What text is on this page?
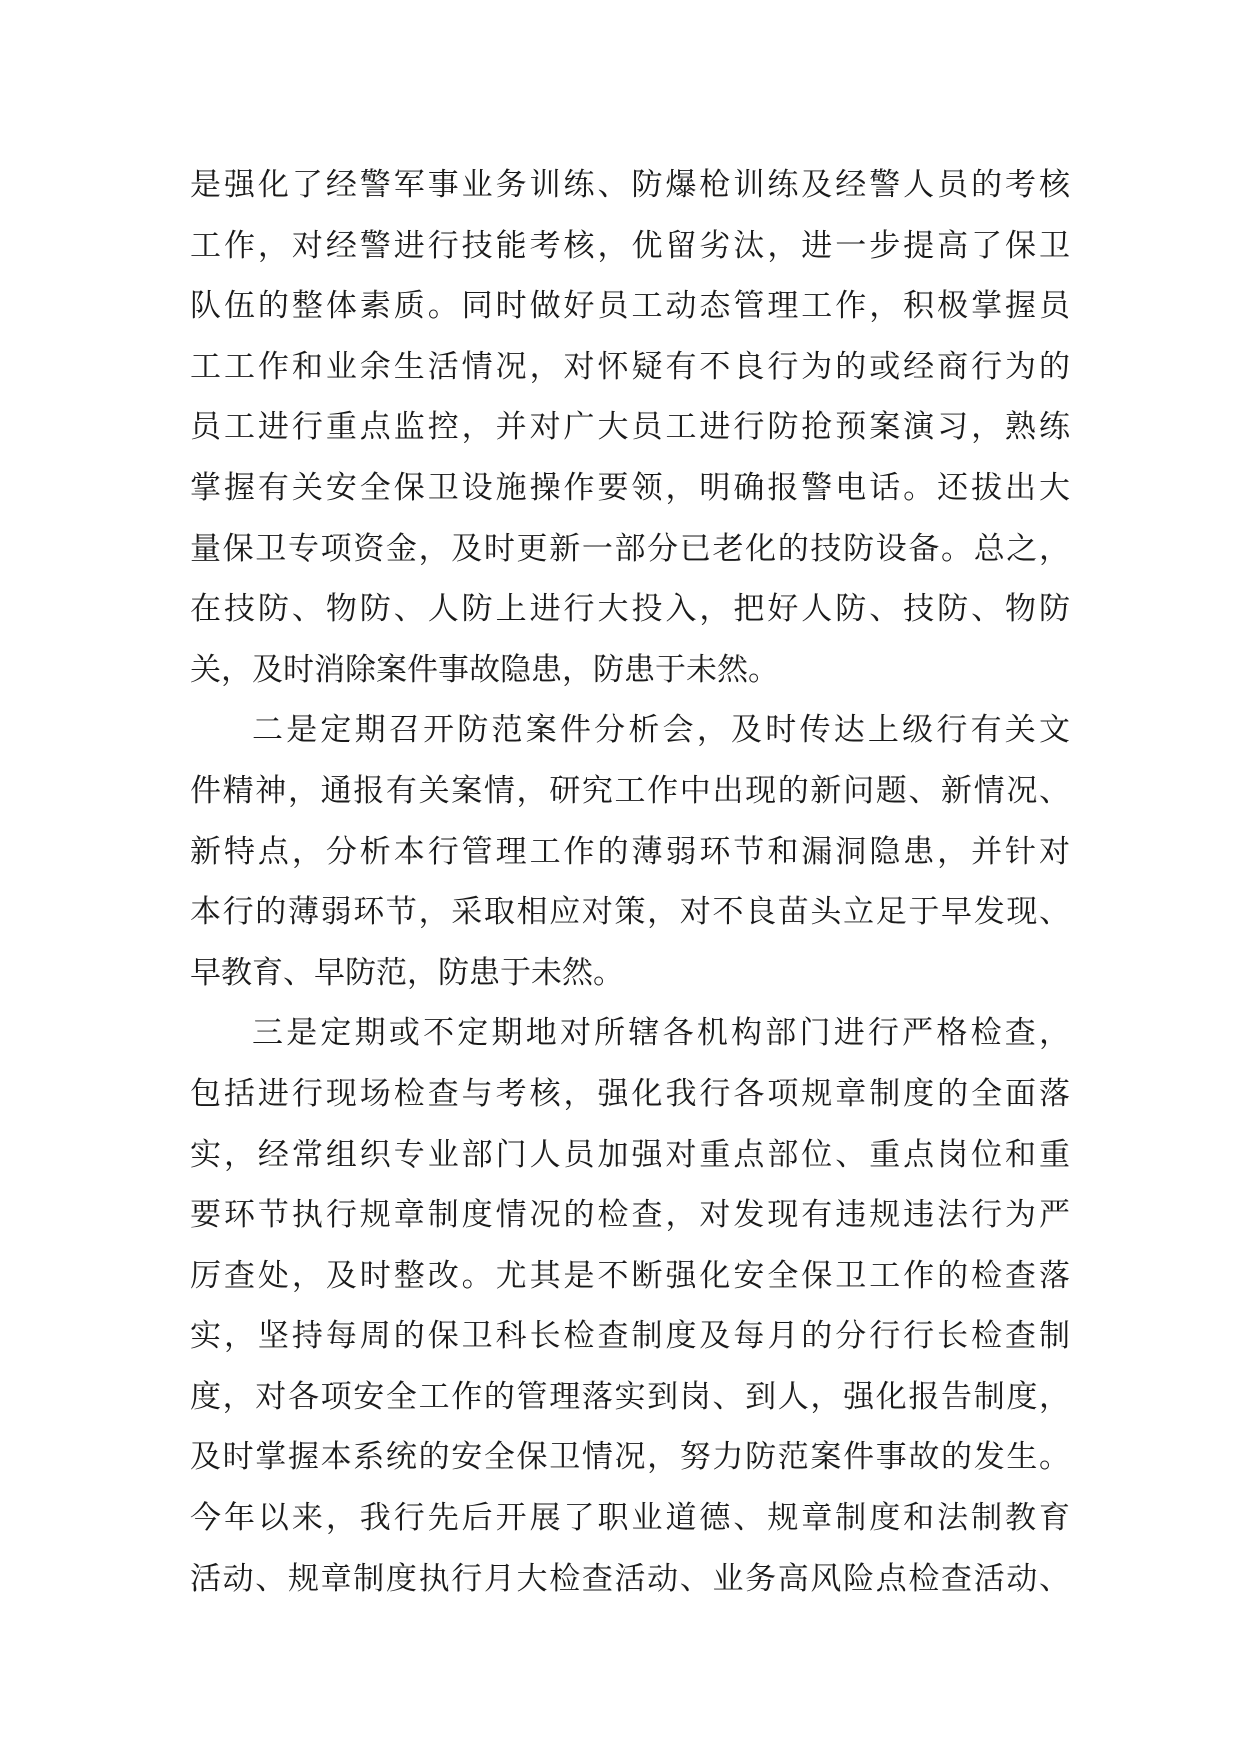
是强化了经警军事业务训练、防爆枪训练及经警人员的考核
工作，对经警进行技能考核，优留劣汰，进一步提高了保卫
队伍的整体素质。同时做好员工动态管理工作，积极掌握员
工工作和业余生活情况，对怀疑有不良行为的或经商行为的
员工进行重点监控，并对广大员工进行防抢预案演习，熟练
掌握有关安全保卫设施操作要领，明确报警电话。还拔出大
量保卫专项资金，及时更新一部分已老化的技防设备。总之，
在技防、物防、人防上进行大投入，把好人防、技防、物防
关，及时消除案件事故隐患，防患于未然。
二是定期召开防范案件分析会，及时传达上级行有关文
件精神，通报有关案情，研究工作中出现的新问题、新情况、
新特点，分析本行管理工作的薄弱环节和漏洞隐患，并针对
本行的薄弱环节，采取相应对策，对不良苗头立足于早发现、
早教育、早防范，防患于未然。
三是定期或不定期地对所辖各机构部门进行严格检查，
包括进行现场检查与考核，强化我行各项规章制度的全面落
实，经常组织专业部门人员加强对重点部位、重点岗位和重
要环节执行规章制度情况的检查，对发现有违规违法行为严
厉查处，及时整改。尤其是不断强化安全保卫工作的检查落
实，坚持每周的保卫科长检查制度及每月的分行行长检查制
度，对各项安全工作的管理落实到岗、到人，强化报告制度，
及时掌握本系统的安全保卫情况，努力防范案件事故的发生。
今年以来，我行先后开展了职业道德、规章制度和法制教育
活动、规章制度执行月大检查活动、业务高风险点检查活动、
